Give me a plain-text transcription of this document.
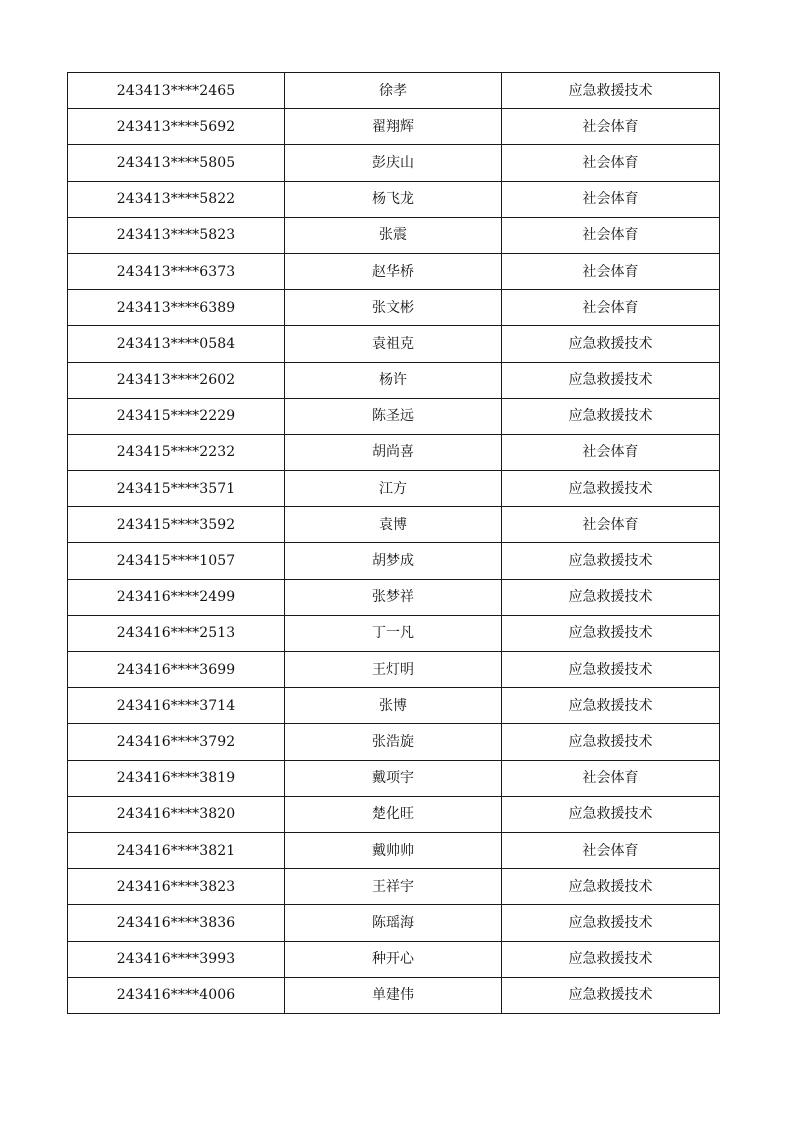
243413****2465	徐孝	应急救援技术
243413****5692	翟翔辉	社会体育
243413****5805	彭庆山	社会体育
243413****5822	杨飞龙	社会体育
243413****5823	张震	社会体育
243413****6373	赵华桥	社会体育
243413****6389	张文彬	社会体育
243413****0584	袁祖克	应急救援技术
243413****2602	杨许	应急救援技术
243415****2229	陈圣远	应急救援技术
243415****2232	胡尚喜	社会体育
243415****3571	江方	应急救援技术
243415****3592	袁博	社会体育
243415****1057	胡梦成	应急救援技术
243416****2499	张梦祥	应急救援技术
243416****2513	丁一凡	应急救援技术
243416****3699	王灯明	应急救援技术
243416****3714	张博	应急救援技术
243416****3792	张浩旋	应急救援技术
243416****3819	戴项宇	社会体育
243416****3820	楚化旺	应急救援技术
243416****3821	戴帅帅	社会体育
243416****3823	王祥宇	应急救援技术
243416****3836	陈瑶海	应急救援技术
243416****3993	种开心	应急救援技术
243416****4006	单建伟	应急救援技术
